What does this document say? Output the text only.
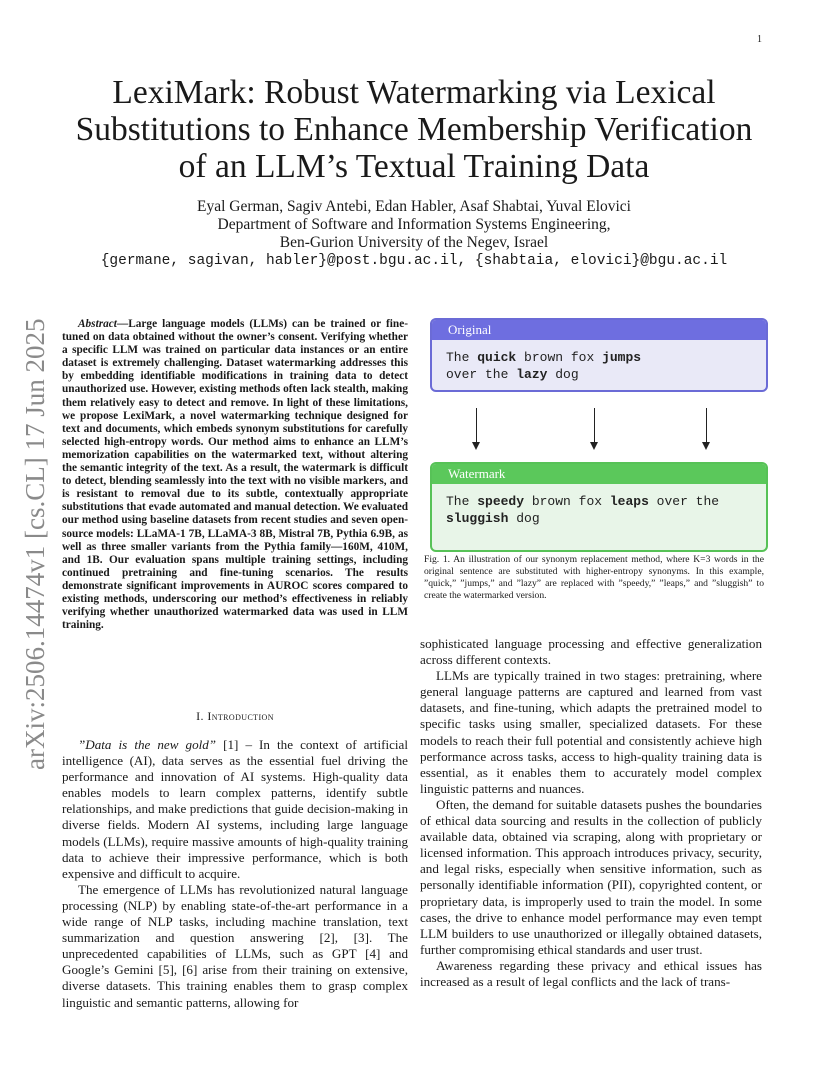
1
arXiv:2506.14474v1 [cs.CL] 17 Jun 2025
LexiMark: Robust Watermarking via Lexical
Substitutions to Enhance Membership Verification
of an LLM’s Textual Training Data
Eyal German, Sagiv Antebi, Edan Habler, Asaf Shabtai, Yuval Elovici
Department of Software and Information Systems Engineering,
Ben-Gurion University of the Negev, Israel
{germane, sagivan, habler}@post.bgu.ac.il, {shabtaia, elovici}@bgu.ac.il

Abstract—Large language models (LLMs) can be trained or fine-tuned on data obtained without the owner’s consent. Verifying whether a specific LLM was trained on particular data instances or an entire dataset is extremely challenging. Dataset watermarking addresses this by embedding identifiable modifications in training data to detect unauthorized use. However, existing methods often lack stealth, making them relatively easy to detect and remove. In light of these limitations, we propose LexiMark, a novel watermarking technique designed for text and documents, which embeds synonym substitutions for carefully selected high-entropy words. Our method aims to enhance an LLM’s memorization capabilities on the watermarked text, without altering the semantic integrity of the text. As a result, the watermark is difficult to detect, blending seamlessly into the text with no visible markers, and is resistant to removal due to its subtle, contextually appropriate substitutions that evade automated and manual detection. We evaluated our method using baseline datasets from recent studies and seven open-source models: LLaMA-1 7B, LLaMA-3 8B, Mistral 7B, Pythia 6.9B, as well as three smaller variants from the Pythia family—160M, 410M, and 1B. Our evaluation spans multiple training settings, including continued pretraining and fine-tuning scenarios. The results demonstrate significant improvements in AUROC scores compared to existing methods, underscoring our method’s effectiveness in reliably verifying whether unauthorized watermarked data was used in LLM training.

I. Introduction

”Data is the new gold” [1] – In the context of artificial intelligence (AI), data serves as the essential fuel driving the performance and innovation of AI systems. High-quality data enables models to learn complex patterns, identify subtle relationships, and make predictions that guide decision-making in diverse fields. Modern AI systems, including large language models (LLMs), require massive amounts of high-quality training data to achieve their impressive performance, which is both expensive and difficult to acquire.

The emergence of LLMs has revolutionized natural language processing (NLP) by enabling state-of-the-art performance in a wide range of NLP tasks, including machine translation, text summarization and question answering [2], [3]. The unprecedented capabilities of LLMs, such as GPT [4] and Google’s Gemini [5], [6] arise from their training on extensive, diverse datasets. This training enables them to grasp complex linguistic and semantic patterns, allowing for

Original
The quick brown fox jumps
over the lazy dog
Watermark
The speedy brown fox leaps over the
sluggish dog

Fig. 1. An illustration of our synonym replacement method, where K=3 words in the original sentence are substituted with higher-entropy synonyms. In this example, ”quick,” ”jumps,” and ”lazy” are replaced with ”speedy,” ”leaps,” and ”sluggish” to create the watermarked version.

sophisticated language processing and effective generalization across different contexts.

LLMs are typically trained in two stages: pretraining, where general language patterns are captured and learned from vast datasets, and fine-tuning, which adapts the pretrained model to specific tasks using smaller, specialized datasets. For these models to reach their full potential and consistently achieve high performance across tasks, access to high-quality training data is essential, as it enables them to accurately model complex linguistic patterns and nuances.

Often, the demand for suitable datasets pushes the boundaries of ethical data sourcing and results in the collection of publicly available data, obtained via scraping, along with proprietary or licensed information. This approach introduces privacy, security, and legal risks, especially when sensitive information, such as personally identifiable information (PII), copyrighted content, or proprietary data, is improperly used to train the model. In some cases, the drive to enhance model performance may even tempt LLM builders to use unauthorized or illegally obtained datasets, further compromising ethical standards and user trust.

Awareness regarding these privacy and ethical issues has increased as a result of legal conflicts and the lack of trans-
